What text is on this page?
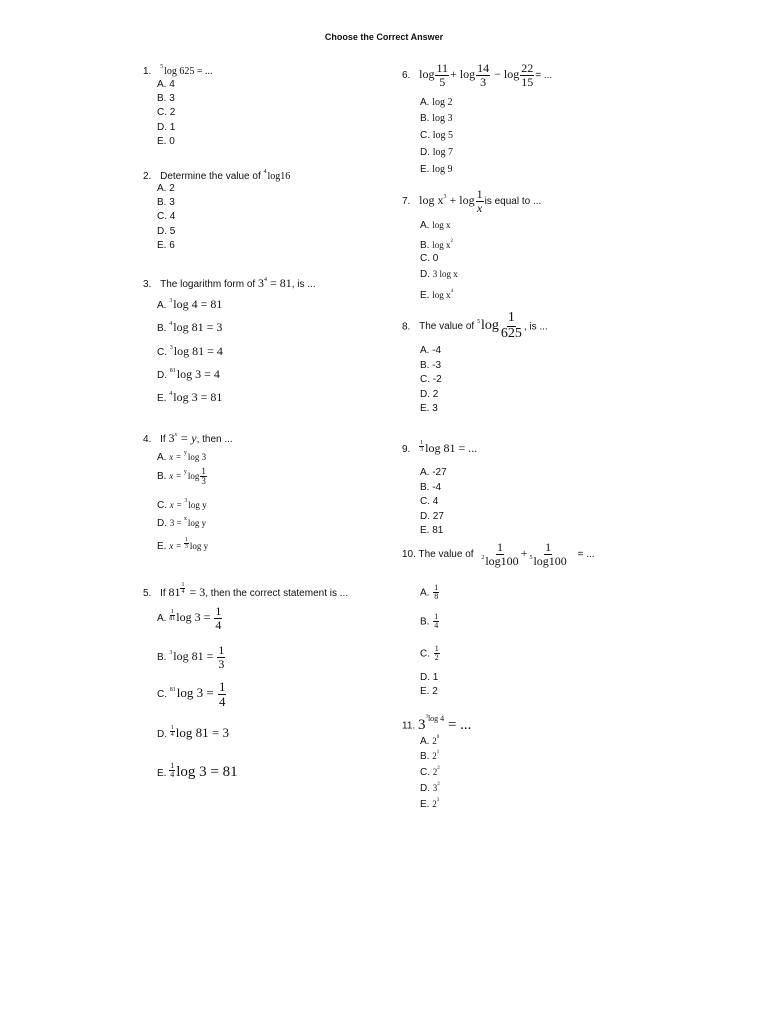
Choose the Correct Answer
1. $^5$log 625 = ...
A. 4
B. 3
C. 2
D. 1
E. 0
2. Determine the value of $^4$log16
A. 2
B. 3
C. 4
D. 5
E. 6
3. The logarithm form of $3^4 = 81$, is ...
A. $^3$log 4 = 81
B. $^4$log 81 = 3
C. $^3$log 81 = 4
D. $^{81}$log 3 = 4
E. $^4$log 3 = 81
4. If $3^x = y$, then ...
A. x = $^y$log 3
B. $x = ^y\log \frac{1}{3}$
C. x = $^3$log y
D. 3 = $^x$log y
E. $x = \frac{1}{3}$ log y
5. If $81 \frac{1}{4} = 3$, then the correct statement is ...
A. $\frac{1}{81}$ $\log 3 = \frac{1}{4}$
B. $^3$log $81 = \frac{1}{3}$
C. $^{81}$log $3 = \frac{1}{4}$
D. $\frac{1}{4}$ log 81 = 3
E. $\frac{1}{4}$ log 3 = 81
6. $\log \frac{11}{5} + \log \frac{14}{3} - \log \frac{22}{15}$ = ...
A. log 2
B. log 3
C. log 5
D. log 7
E. log 9
7. $\log x^3 + \log \frac{1}{x}$ is equal to ...
A. log x
B. $\log x^2$
C. 0
D. 3 log x
E. $\log x^4$
8. The value of $^5\log \frac{1}{625}$ , is ...
A. -4
B. -3
C. -2
D. 2
E. 3
9. $\frac{1}{3}$ log 81 = ...
A. -27
B. -4
C. 4
D. 27
E. 81
10. The value of $\frac{1}{^2\log 100} + \frac{1}{^5\log 100}$ = ...
A. $\frac{1}{8}$
B. $\frac{1}{4}$
C. $\frac{1}{2}$
D. 1
E. 2
11. $3^{^3log 4}$ = ...
A. $2^0$
B. $2^1$
C. $2^2$
D. $3^2$
E. $2^3$
